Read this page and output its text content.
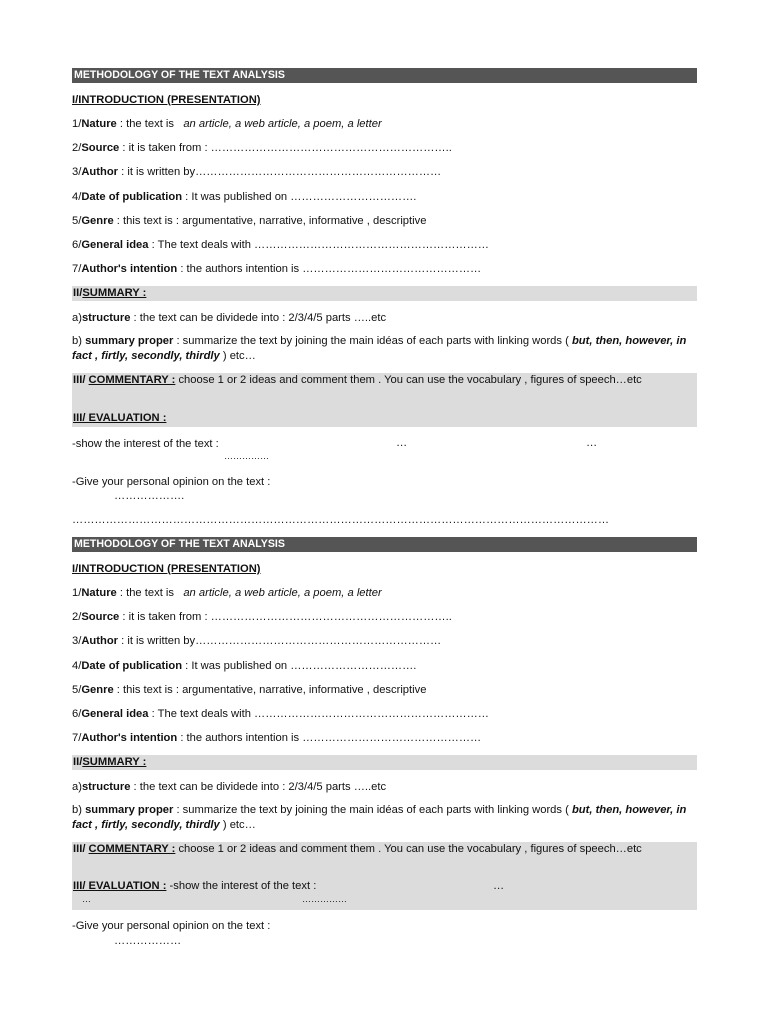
METHODOLOGY OF THE TEXT ANALYSIS
I/INTRODUCTION (PRESENTATION)
1/Nature : the text is an article, a web article, a poem, a letter
2/Source : it is taken from : ………………………………………………………..
3/Author : it is written by…………………………………………………………
4/Date of publication : It was published on …………………………….
5/Genre : this text is : argumentative, narrative, informative , descriptive
6/General idea : The text deals with ………………………………………………………
7/Author's intention : the authors intention is …………………………………………
II/SUMMARY :
a)structure : the text can be dividede into : 2/3/4/5 parts …..etc
b) summary proper : summarize the text by joining the main idéas of each parts with linking words ( but, then, however, in fact , firtly, secondly, thirdly ) etc…
III/ COMMENTARY : choose 1 or 2 ideas and comment them . You can use the vocabulary , figures of speech…etc
III/ EVALUATION :
-show the interest of the text :	…	…
……………
-Give your personal opinion on the text :
……………….
………………………………………………………………………………………………………………………………
METHODOLOGY OF THE TEXT ANALYSIS
I/INTRODUCTION (PRESENTATION)
1/Nature : the text is an article, a web article, a poem, a letter
2/Source : it is taken from : ………………………………………………………..
3/Author : it is written by…………………………………………………………
4/Date of publication : It was published on …………………………….
5/Genre : this text is : argumentative, narrative, informative , descriptive
6/General idea : The text deals with ………………………………………………………
7/Author's intention : the authors intention is …………………………………………
II/SUMMARY :
a)structure : the text can be dividede into : 2/3/4/5 parts …..etc
b) summary proper : summarize the text by joining the main idéas of each parts with linking words ( but, then, however, in fact , firtly, secondly, thirdly ) etc…
III/ COMMENTARY : choose 1 or 2 ideas and comment them . You can use the vocabulary , figures of speech…etc
III/ EVALUATION : -show the interest of the text :	…
…	……………
-Give your personal opinion on the text :
………………
